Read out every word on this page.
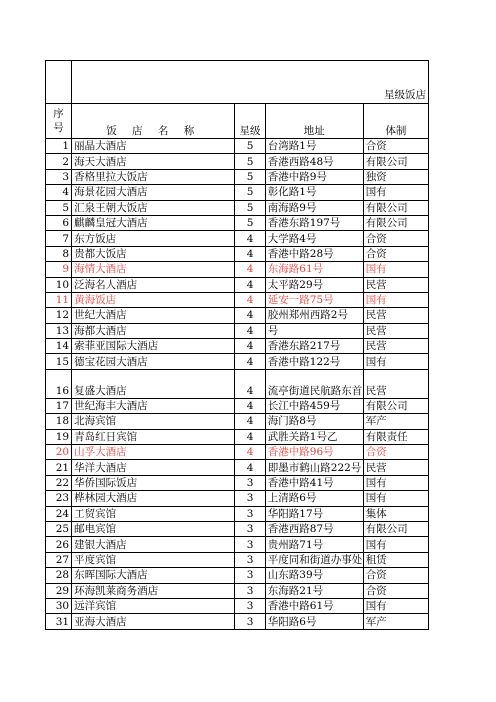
	星级饭店			
序号	饭 店 名 称	星级	地址	体制
1	丽晶大酒店	5	台湾路1号	合资
2	海天大酒店	5	香港西路48号	有限公司
3	香格里拉大饭店	5	香港中路9号	独资
4	海景花园大酒店	5	彰化路1号	国有
5	汇泉王朝大饭店	5	南海路9号	有限公司
6	麒麟皇冠大酒店	5	香港东路197号	有限公司
7	东方饭店	4	大学路4号	合资
8	贵都大饭店	4	香港中路28号	合资
9	海情大酒店	4	东海路61号	国有
10	泛海名人酒店	4	太平路29号	民营
11	黄海饭店	4	延安一路75号	国有
12	世纪大酒店	4	胶州郑州西路2号	民营
13	海都大酒店	4	号	民营
14	索菲亚国际大酒店	4	香港东路217号	民营
15	德宝花园大酒店	4	香港中路122号	国有
16	复盛大酒店	4	流亭街道民航路东首	民营
17	世纪海丰大酒店	4	长江中路459号	有限公司
18	北海宾馆	4	海门路8号	军产
19	青岛红日宾馆	4	武胜关路1号乙	有限责任
20	山孚大酒店	4	香港中路96号	合资
21	华洋大酒店	4	即墨市鹤山路222号	民营
22	华侨国际饭店	3	香港中路41号	国有
23	桦林园大酒店	3	上清路6号	国有
24	工贸宾馆	3	华阳路17号	集体
25	邮电宾馆	3	香港西路87号	有限公司
26	建银大酒店	3	贵州路71号	国有
27	平度宾馆	3	平度同和街道办事处	租赁
28	东晖国际大酒店	3	山东路39号	合资
29	环海凯莱商务酒店	3	东海路21号	合资
30	远洋宾馆	3	香港中路61号	国有
31	亚海大酒店	3	华阳路6号	军产
